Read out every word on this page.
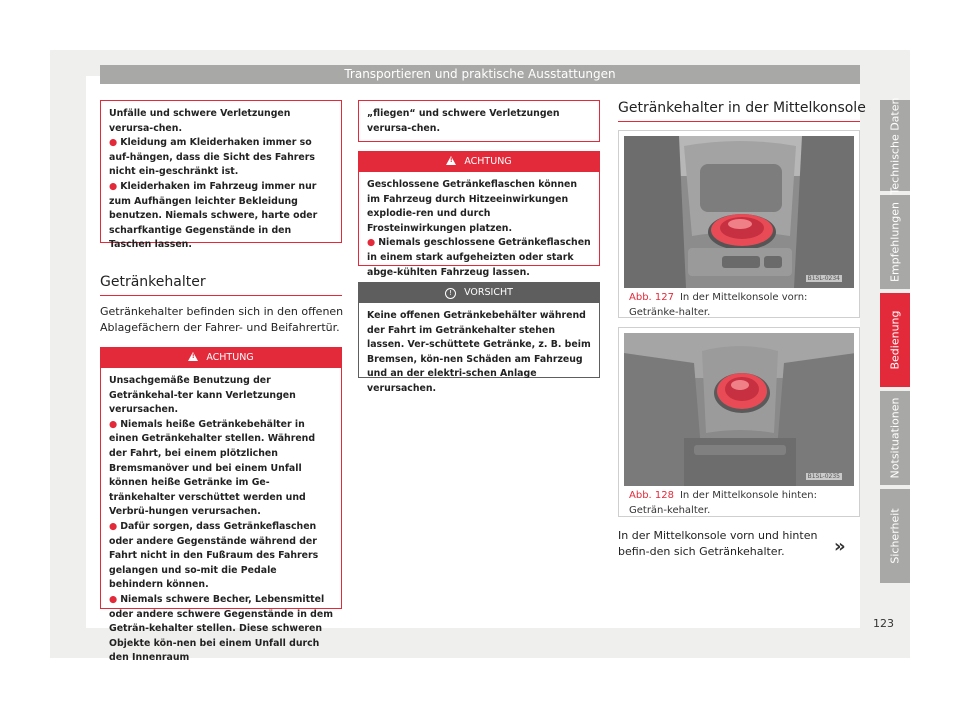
Transportieren und praktische Ausstattungen

Unfälle und schwere Verletzungen verursa-chen.

● Kleidung am Kleiderhaken immer so auf-hängen, dass die Sicht des Fahrers nicht ein-geschränkt ist.

● Kleiderhaken im Fahrzeug immer nur zum Aufhängen leichter Bekleidung benutzen. Niemals schwere, harte oder scharfkantige Gegenstände in den Taschen lassen.

Getränkehalter
Getränkehalter befinden sich in den offenen Ablagefächern der Fahrer- und Beifahrertür.
!ACHTUNG

Unsachgemäße Benutzung der Getränkehal-ter kann Verletzungen verursachen.

● Niemals heiße Getränkebehälter in einen Getränkehalter stellen. Während der Fahrt, bei einem plötzlichen Bremsmanöver und bei einem Unfall können heiße Getränke im Ge-tränkehalter verschüttet werden und Verbrü-hungen verursachen.

● Dafür sorgen, dass Getränkeflaschen oder andere Gegenstände während der Fahrt nicht in den Fußraum des Fahrers gelangen und so-mit die Pedale behindern können.

● Niemals schwere Becher, Lebensmittel oder andere schwere Gegenstände in dem Geträn-kehalter stellen. Diese schweren Objekte kön-nen bei einem Unfall durch den Innenraum

„fliegen“ und schwere Verletzungen verursa-chen.

!ACHTUNG

Geschlossene Getränkeflaschen können im Fahrzeug durch Hitzeeinwirkungen explodie-ren und durch Frosteinwirkungen platzen.

● Niemals geschlossene Getränkeflaschen in einem stark aufgeheizten oder stark abge-kühlten Fahrzeug lassen.

! VORSICHT

Keine offenen Getränkebehälter während der Fahrt im Getränkehalter stehen lassen. Ver-schüttete Getränke, z. B. beim Bremsen, kön-nen Schäden am Fahrzeug und an der elektri-schen Anlage verursachen.

Getränkehalter in der Mittelkonsole
B1SL-0234
Abb. 127 In der Mittelkonsole vorn: Getränke-halter.
B1SL-0235
Abb. 128 In der Mittelkonsole hinten: Geträn-kehalter.
In der Mittelkonsole vorn und hinten befin-den sich Getränkehalter.	»
Technische Daten
Empfehlungen
Bedienung
Notsituationen
Sicherheit
123
